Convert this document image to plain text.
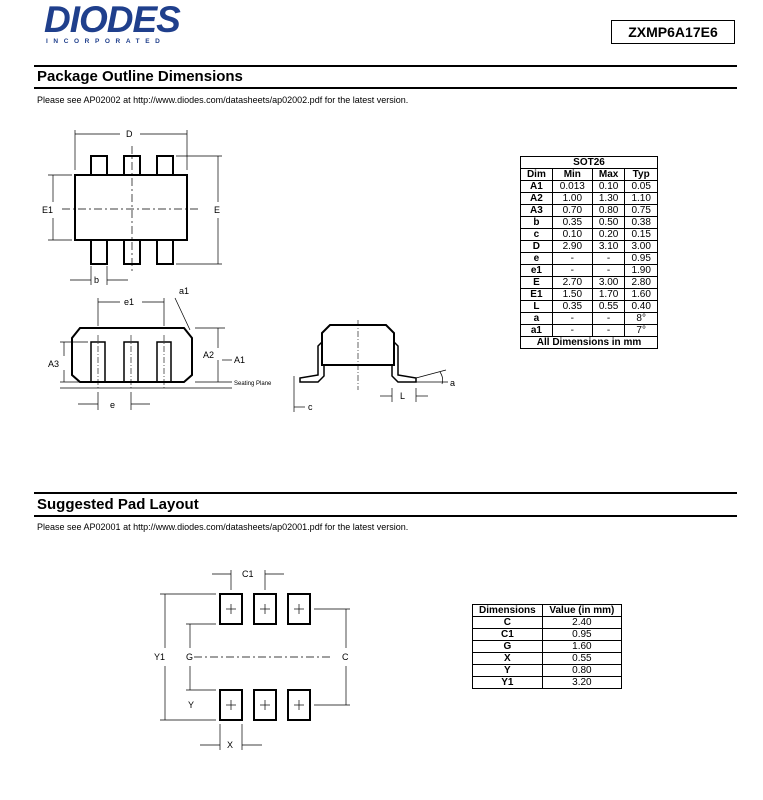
DIODES
INCORPORATED
ZXMP6A17E6
Package Outline Dimensions
Please see AP02002 at http://www.diodes.com/datasheets/ap02002.pdf for the latest version.
D
E1	E
b
e1
a1
A2 A1
A3
e	c
L
a
Seating Plane
SOT26			
Dim	Min	Max	Typ
A1	0.013	0.10	0.05
A2	1.00	1.30	1.10
A3	0.70	0.80	0.75
b	0.35	0.50	0.38
c	0.10	0.20	0.15
D	2.90	3.10	3.00
e	-	-	0.95
e1	-	-	1.90
E	2.70	3.00	2.80
E1	1.50	1.70	1.60
L	0.35	0.55	0.40
a	-	-	8°
a1	-	-	7°
All Dimensions in mm			
Suggested Pad Layout
Please see AP02001 at http://www.diodes.com/datasheets/ap02001.pdf for the latest version.
C1
Y1 G	C
Y
X
Dimensions	Value (in mm)
C	2.40
C1	0.95
G	1.60
X	0.55
Y	0.80
Y1	3.20
